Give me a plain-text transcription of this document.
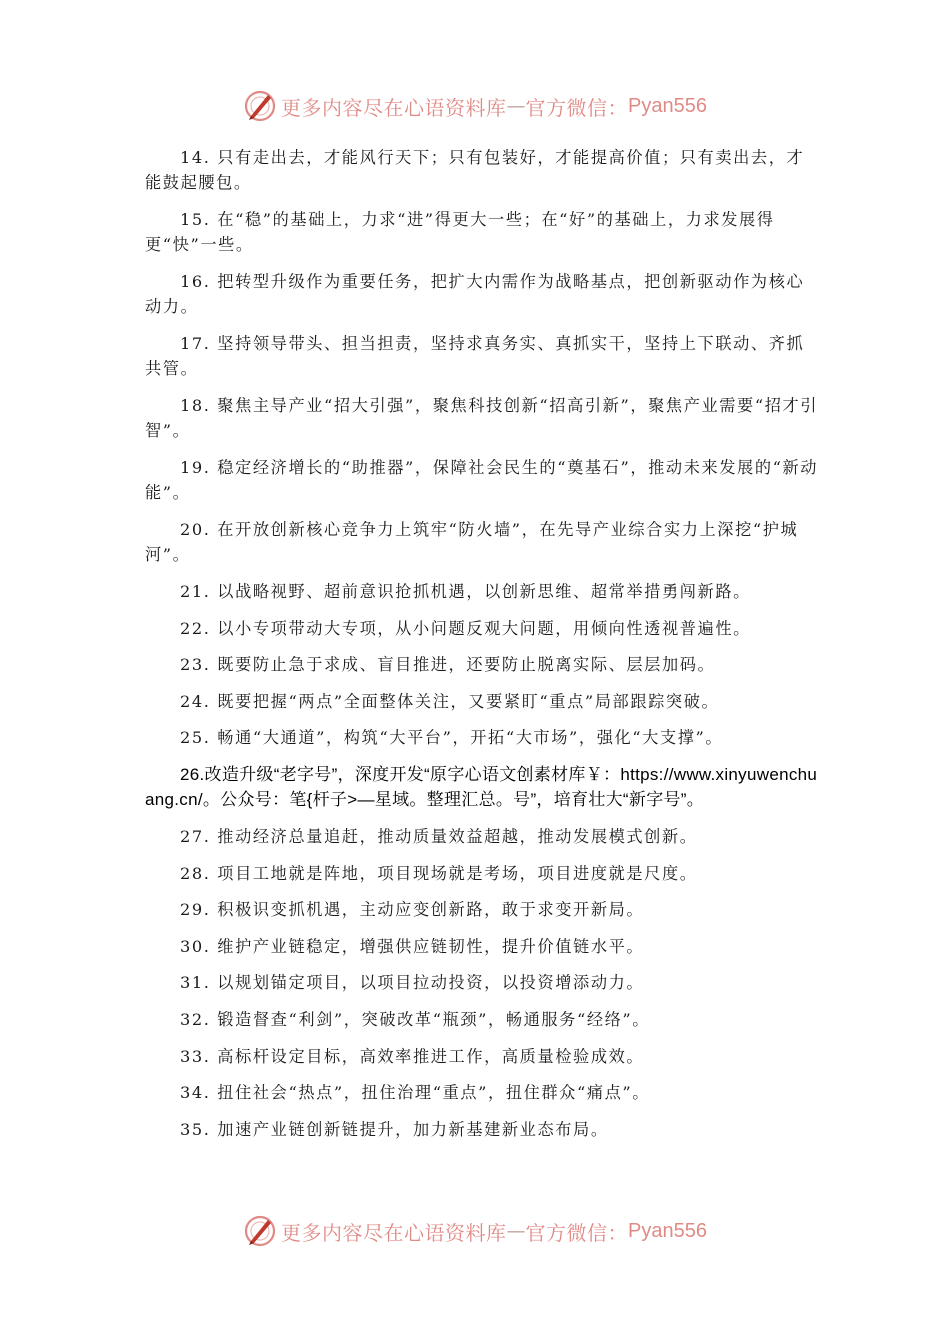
更多内容尽在心语资料库 — 官方微信： Pyan556

14. 只有走出去，才能风行天下；只有包装好，才能提高价值；只有卖出去，才能鼓起腰包。

15. 在“稳”的基础上，力求“进”得更大一些；在“好”的基础上，力求发展得更“快”一些。

16. 把转型升级作为重要任务，把扩大内需作为战略基点，把创新驱动作为核心动力。

17. 坚持领导带头、担当担责，坚持求真务实、真抓实干，坚持上下联动、齐抓共管。

18. 聚焦主导产业“招大引强”，聚焦科技创新“招高引新”，聚焦产业需要“招才引智”。

19. 稳定经济增长的“助推器”，保障社会民生的“奠基石”，推动未来发展的“新动能”。

20. 在开放创新核心竞争力上筑牢“防火墙”，在先导产业综合实力上深挖“护城河”。

21. 以战略视野、超前意识抢抓机遇，以创新思维、超常举措勇闯新路。

22. 以小专项带动大专项，从小问题反观大问题，用倾向性透视普遍性。

23. 既要防止急于求成、盲目推进，还要防止脱离实际、层层加码。

24. 既要把握“两点”全面整体关注，又要紧盯“重点”局部跟踪突破。

25. 畅通“大通道”，构筑“大平台”，开拓“大市场”，强化“大支撑”。

26.改造升级“老字号”，深度开发“原字心语文创素材库￥：https://www.xinyuwenchuang.cn/。公众号：笔{杆子>—星域。整理汇总。号”，培育壮大“新字号”。

27. 推动经济总量追赶，推动质量效益超越，推动发展模式创新。

28. 项目工地就是阵地，项目现场就是考场，项目进度就是尺度。

29. 积极识变抓机遇，主动应变创新路，敢于求变开新局。

30. 维护产业链稳定，增强供应链韧性，提升价值链水平。

31. 以规划锚定项目，以项目拉动投资，以投资增添动力。

32. 锻造督查“利剑”，突破改革“瓶颈”，畅通服务“经络”。

33. 高标杆设定目标，高效率推进工作，高质量检验成效。

34. 扭住社会“热点”，扭住治理“重点”，扭住群众“痛点”。

35. 加速产业链创新链提升，加力新基建新业态布局。

更多内容尽在心语资料库 — 官方微信： Pyan556
